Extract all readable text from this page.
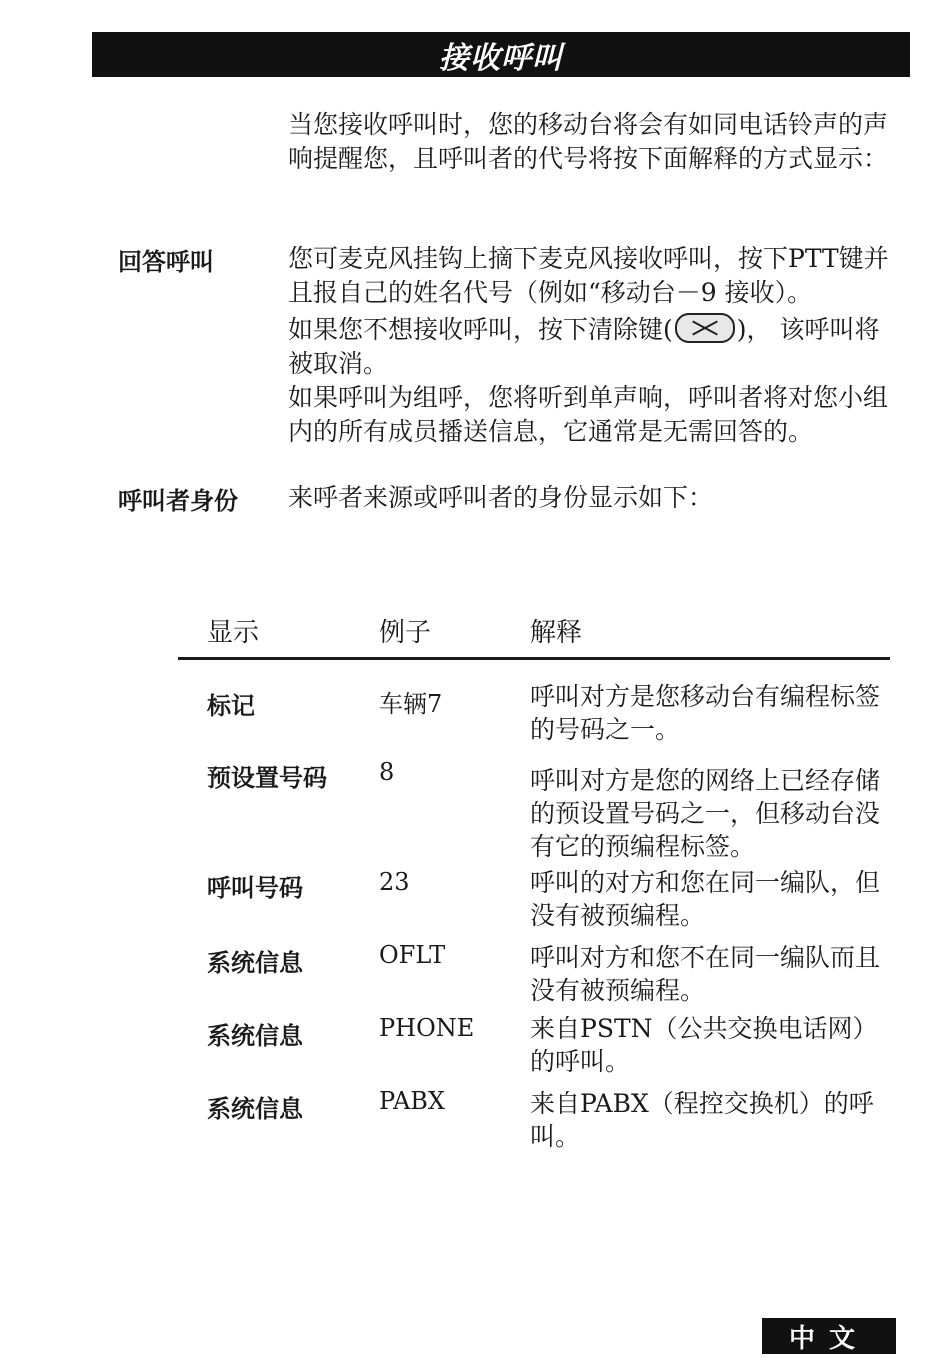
接收呼叫

当您接收呼叫时，您的移动台将会有如同电话铃声的声响提醒您，且呼叫者的代号将按下面解释的方式显示：

回答呼叫	您可麦克风挂钩上摘下麦克风接收呼叫，按下PTT键并且报自己的姓名代号（例如“移动台－9 接收）。

如果您不想接收呼叫，按下清除键(	)， 该呼叫将被取消。

如果呼叫为组呼，您将听到单声响，呼叫者将对您小组内的所有成员播送信息，它通常是无需回答的。

呼叫者身份 来呼者来源或呼叫者的身份显示如下：

显示	例子	解释
标记	车辆7	呼叫对方是您移动台有编程标签的号码之一。
预设置号码 8	呼叫对方是您的网络上已经存储的预设置号码之一，但移动台没有它的预编程标签。
呼叫号码	23	呼叫的对方和您在同一编队，但没有被预编程。
系统信息	OFLT	呼叫对方和您不在同一编队而且没有被预编程。
系统信息	PHONE 来自PSTN（公共交换电话网）的呼叫。
系统信息	PABX	来自PABX（程控交换机）的呼叫。
中文
